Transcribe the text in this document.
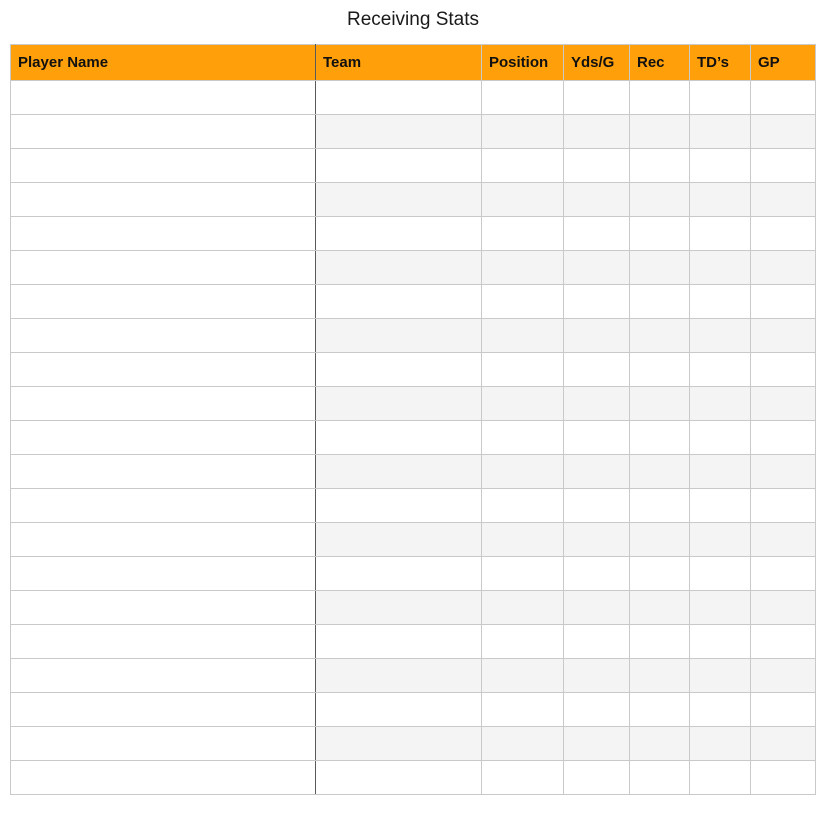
Receiving Stats
Player Name	Team	Position	Yds/G	Rec	TD’s	GP
